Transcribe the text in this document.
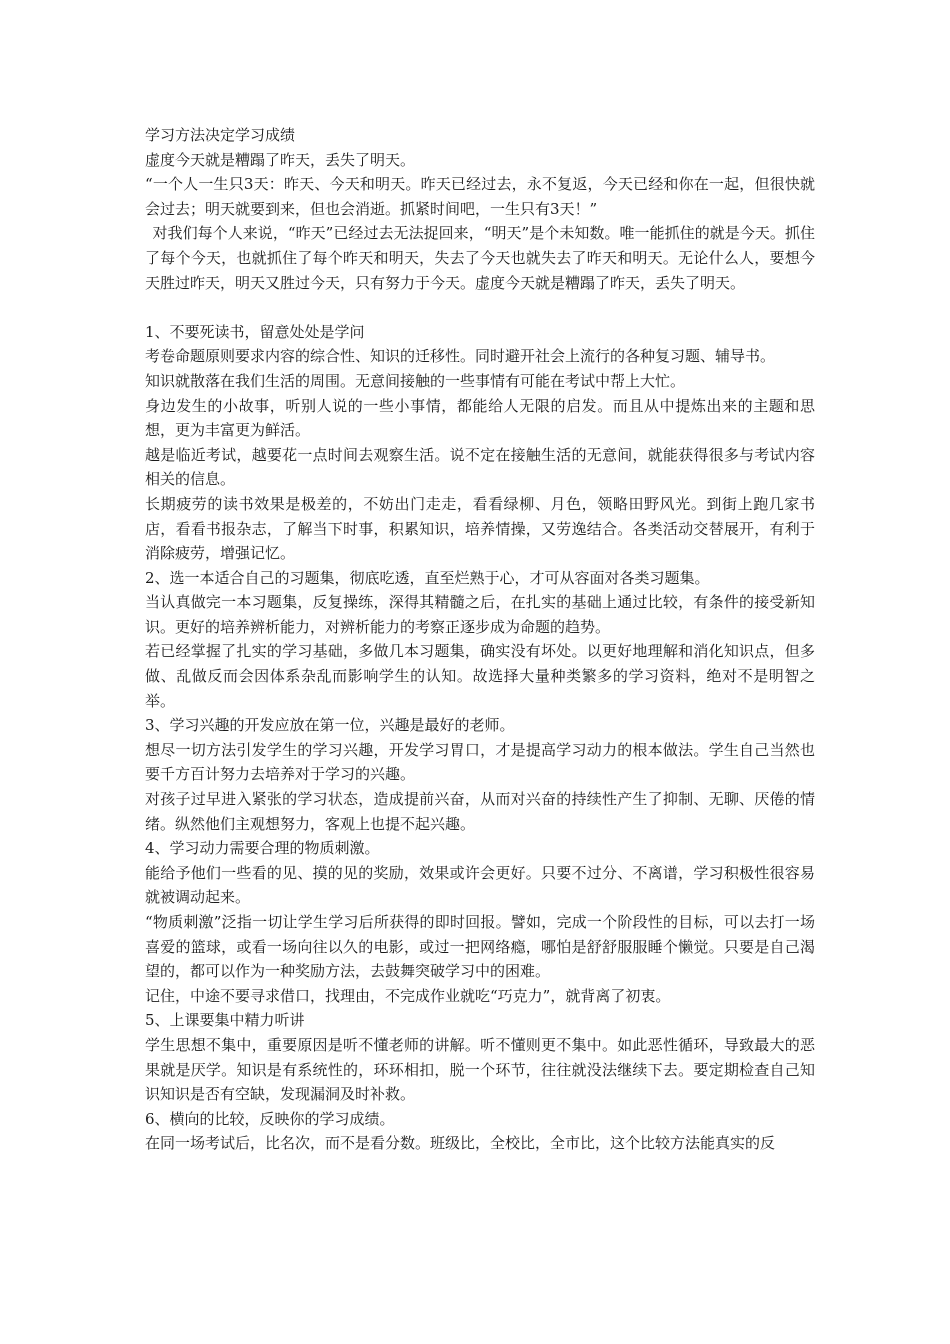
学习方法决定学习成绩

虚度今天就是糟蹋了昨天，丢失了明天。

“一个人一生只3天：昨天、今天和明天。昨天已经过去，永不复返，今天已经和你在一起，但很快就会过去；明天就要到来，但也会消逝。抓紧时间吧，一生只有3天！”

对我们每个人来说，“昨天”已经过去无法捉回来，“明天”是个未知数。唯一能抓住的就是今天。抓住了每个今天，也就抓住了每个昨天和明天，失去了今天也就失去了昨天和明天。无论什么人，要想今天胜过昨天，明天又胜过今天，只有努力于今天。虚度今天就是糟蹋了昨天，丢失了明天。

1、不要死读书，留意处处是学问

考卷命题原则要求内容的综合性、知识的迁移性。同时避开社会上流行的各种复习题、辅导书。

知识就散落在我们生活的周围。无意间接触的一些事情有可能在考试中帮上大忙。

身边发生的小故事，听别人说的一些小事情，都能给人无限的启发。而且从中提炼出来的主题和思想，更为丰富更为鲜活。

越是临近考试，越要花一点时间去观察生活。说不定在接触生活的无意间，就能获得很多与考试内容相关的信息。

长期疲劳的读书效果是极差的，不妨出门走走，看看绿柳、月色，领略田野风光。到街上跑几家书店，看看书报杂志，了解当下时事，积累知识，培养情操，又劳逸结合。各类活动交替展开，有利于消除疲劳，增强记忆。

2、选一本适合自己的习题集，彻底吃透，直至烂熟于心，才可从容面对各类习题集。

当认真做完一本习题集，反复操练，深得其精髓之后，在扎实的基础上通过比较，有条件的接受新知识。更好的培养辨析能力，对辨析能力的考察正逐步成为命题的趋势。

若已经掌握了扎实的学习基础，多做几本习题集，确实没有坏处。以更好地理解和消化知识点，但多做、乱做反而会因体系杂乱而影响学生的认知。故选择大量种类繁多的学习资料，绝对不是明智之举。

3、学习兴趣的开发应放在第一位，兴趣是最好的老师。

想尽一切方法引发学生的学习兴趣，开发学习胃口，才是提高学习动力的根本做法。学生自己当然也要千方百计努力去培养对于学习的兴趣。

对孩子过早进入紧张的学习状态，造成提前兴奋，从而对兴奋的持续性产生了抑制、无聊、厌倦的情绪。纵然他们主观想努力，客观上也提不起兴趣。

4、学习动力需要合理的物质刺激。

能给予他们一些看的见、摸的见的奖励，效果或许会更好。只要不过分、不离谱，学习积极性很容易就被调动起来。

“物质刺激”泛指一切让学生学习后所获得的即时回报。譬如，完成一个阶段性的目标，可以去打一场喜爱的篮球，或看一场向往以久的电影，或过一把网络瘾，哪怕是舒舒服服睡个懒觉。只要是自己渴望的，都可以作为一种奖励方法，去鼓舞突破学习中的困难。

记住，中途不要寻求借口，找理由，不完成作业就吃“巧克力”，就背离了初衷。

5、上课要集中精力听讲

学生思想不集中，重要原因是听不懂老师的讲解。听不懂则更不集中。如此恶性循环，导致最大的恶果就是厌学。知识是有系统性的，环环相扣，脱一个环节，往往就没法继续下去。要定期检查自己知识知识是否有空缺，发现漏洞及时补救。

6、横向的比较，反映你的学习成绩。

在同一场考试后，比名次，而不是看分数。班级比，全校比，全市比，这个比较方法能真实的反
